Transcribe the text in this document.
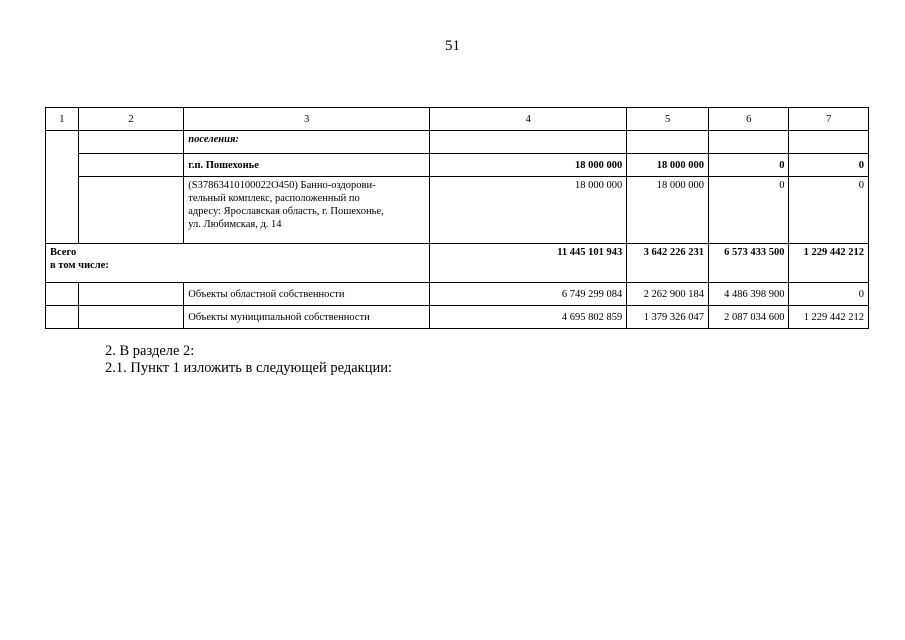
51
1	2	3	4	5	6	7
		поселения:				
		г.п. Пошехонье	18 000 000	18 000 000	0	0

		(S37863410100022O450) Банно-оздорови-
тельный комплекс, расположенный по
адресу: Ярославская область, г. Пошехонье,
ул. Любимская, д. 14	18 000 000	18 000 000	0	0

Всего
в том числе:			11 445 101 943	3 642 226 231	6 573 433 500	1 229 442 212
		Объекты областной собственности	6 749 299 084	2 262 900 184	4 486 398 900	0
		Объекты муниципальной собственности	4 695 802 859	1 379 326 047	2 087 034 600	1 229 442 212
2. В разделе 2:
2.1. Пункт 1 изложить в следующей редакции:
